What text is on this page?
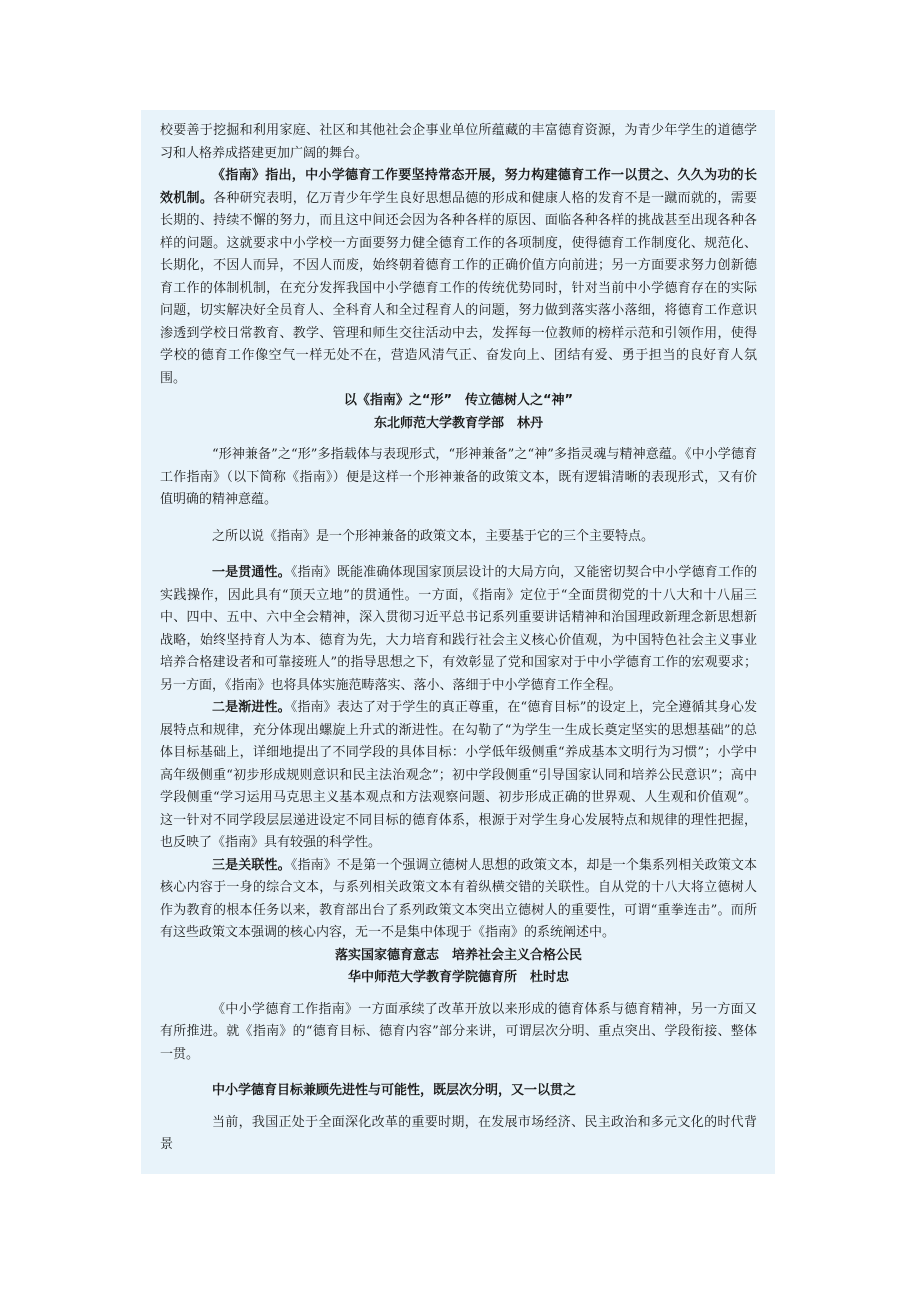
校要善于挖掘和利用家庭、社区和其他社会企事业单位所蕴藏的丰富德育资源，为青少年学生的道德学习和人格养成搭建更加广阔的舞台。

《指南》指出，中小学德育工作要坚持常态开展，努力构建德育工作一以贯之、久久为功的长效机制。各种研究表明，亿万青少年学生良好思想品德的形成和健康人格的发育不是一蹴而就的，需要长期的、持续不懈的努力，而且这中间还会因为各种各样的原因、面临各种各样的挑战甚至出现各种各样的问题。这就要求中小学校一方面要努力健全德育工作的各项制度，使得德育工作制度化、规范化、长期化，不因人而异，不因人而废，始终朝着德育工作的正确价值方向前进；另一方面要求努力创新德育工作的体制机制，在充分发挥我国中小学德育工作的传统优势同时，针对当前中小学德育存在的实际问题，切实解决好全员育人、全科育人和全过程育人的问题，努力做到落实落小落细，将德育工作意识渗透到学校日常教育、教学、管理和师生交往活动中去，发挥每一位教师的榜样示范和引领作用，使得学校的德育工作像空气一样无处不在，营造风清气正、奋发向上、团结有爱、勇于担当的良好育人氛围。

以《指南》之“形”　传立德树人之“神”

东北师范大学教育学部　林丹

“形神兼备”之“形”多指载体与表现形式，“形神兼备”之“神”多指灵魂与精神意蕴。《中小学德育工作指南》（以下简称《指南》）便是这样一个形神兼备的政策文本，既有逻辑清晰的表现形式，又有价值明确的精神意蕴。

之所以说《指南》是一个形神兼备的政策文本，主要基于它的三个主要特点。

一是贯通性。《指南》既能准确体现国家顶层设计的大局方向，又能密切契合中小学德育工作的实践操作，因此具有“顶天立地”的贯通性。一方面，《指南》定位于“全面贯彻党的十八大和十八届三中、四中、五中、六中全会精神，深入贯彻习近平总书记系列重要讲话精神和治国理政新理念新思想新战略，始终坚持育人为本、德育为先，大力培育和践行社会主义核心价值观，为中国特色社会主义事业培养合格建设者和可靠接班人”的指导思想之下，有效彰显了党和国家对于中小学德育工作的宏观要求；另一方面，《指南》也将具体实施范畴落实、落小、落细于中小学德育工作全程。

二是渐进性。《指南》表达了对于学生的真正尊重，在“德育目标”的设定上，完全遵循其身心发展特点和规律，充分体现出螺旋上升式的渐进性。在勾勒了“为学生一生成长奠定坚实的思想基础”的总体目标基础上，详细地提出了不同学段的具体目标：小学低年级侧重“养成基本文明行为习惯”；小学中高年级侧重“初步形成规则意识和民主法治观念”；初中学段侧重“引导国家认同和培养公民意识”；高中学段侧重“学习运用马克思主义基本观点和方法观察问题、初步形成正确的世界观、人生观和价值观”。这一针对不同学段层层递进设定不同目标的德育体系，根源于对学生身心发展特点和规律的理性把握，也反映了《指南》具有较强的科学性。

三是关联性。《指南》不是第一个强调立德树人思想的政策文本，却是一个集系列相关政策文本核心内容于一身的综合文本，与系列相关政策文本有着纵横交错的关联性。自从党的十八大将立德树人作为教育的根本任务以来，教育部出台了系列政策文本突出立德树人的重要性，可谓“重拳连击”。而所有这些政策文本强调的核心内容，无一不是集中体现于《指南》的系统阐述中。

落实国家德育意志　培养社会主义合格公民

华中师范大学教育学院德育所　杜时忠

《中小学德育工作指南》一方面承续了改革开放以来形成的德育体系与德育精神，另一方面又有所推进。就《指南》的“德育目标、德育内容”部分来讲，可谓层次分明、重点突出、学段衔接、整体一贯。

中小学德育目标兼顾先进性与可能性，既层次分明，又一以贯之

当前，我国正处于全面深化改革的重要时期，在发展市场经济、民主政治和多元文化的时代背景
